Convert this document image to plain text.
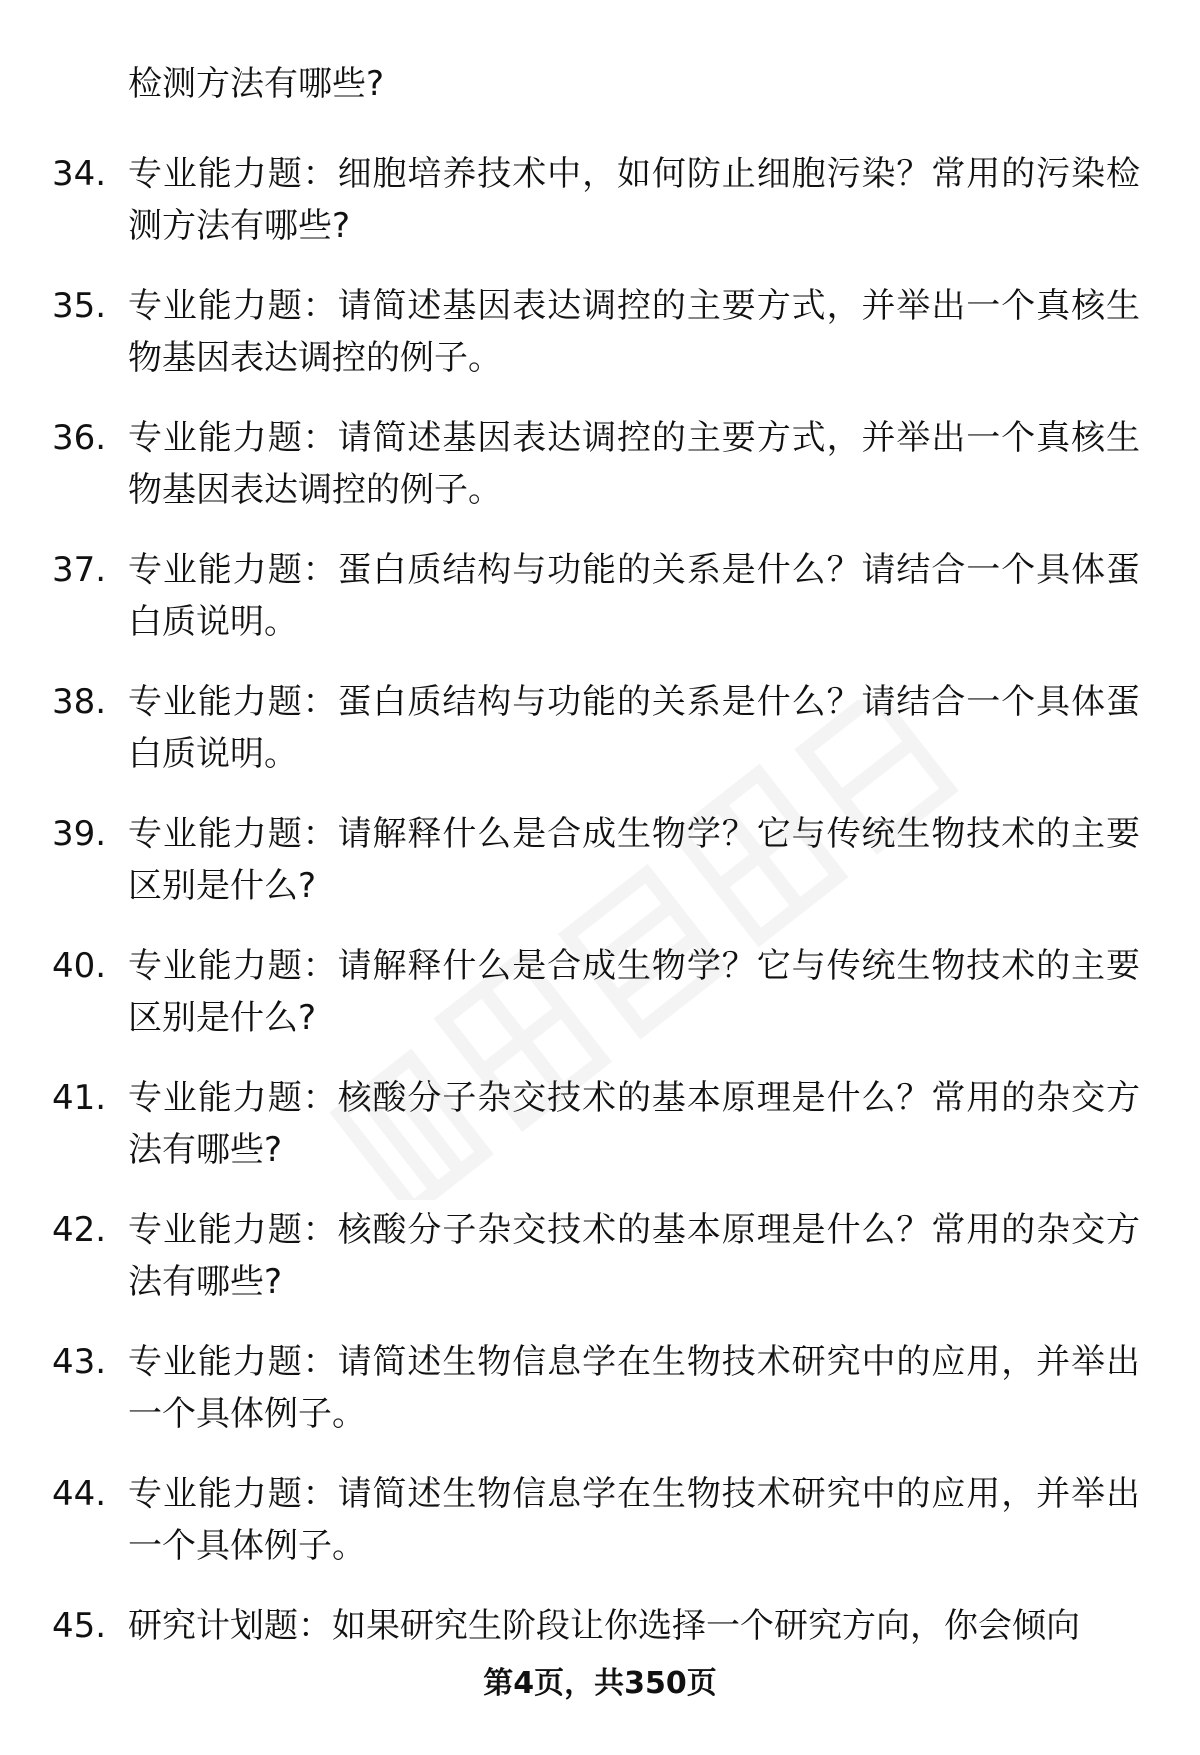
检测方法有哪些?

34. 专业能力题：细胞培养技术中，如何防止细胞污染？常用的污染检测方法有哪些?

35. 专业能力题：请简述基因表达调控的主要方式，并举出一个真核生物基因表达调控的例子。

36. 专业能力题：请简述基因表达调控的主要方式，并举出一个真核生物基因表达调控的例子。

37. 专业能力题：蛋白质结构与功能的关系是什么？请结合一个具体蛋白质说明。

38. 专业能力题：蛋白质结构与功能的关系是什么？请结合一个具体蛋白质说明。

39. 专业能力题：请解释什么是合成生物学？它与传统生物技术的主要区别是什么?

40. 专业能力题：请解释什么是合成生物学？它与传统生物技术的主要区别是什么?

41. 专业能力题：核酸分子杂交技术的基本原理是什么？常用的杂交方法有哪些?

42. 专业能力题：核酸分子杂交技术的基本原理是什么？常用的杂交方法有哪些?

43. 专业能力题：请简述生物信息学在生物技术研究中的应用，并举出一个具体例子。

44. 专业能力题：请简述生物信息学在生物技术研究中的应用，并举出一个具体例子。

45. 研究计划题：如果研究生阶段让你选择一个研究方向，你会倾向

第4页，共350页
